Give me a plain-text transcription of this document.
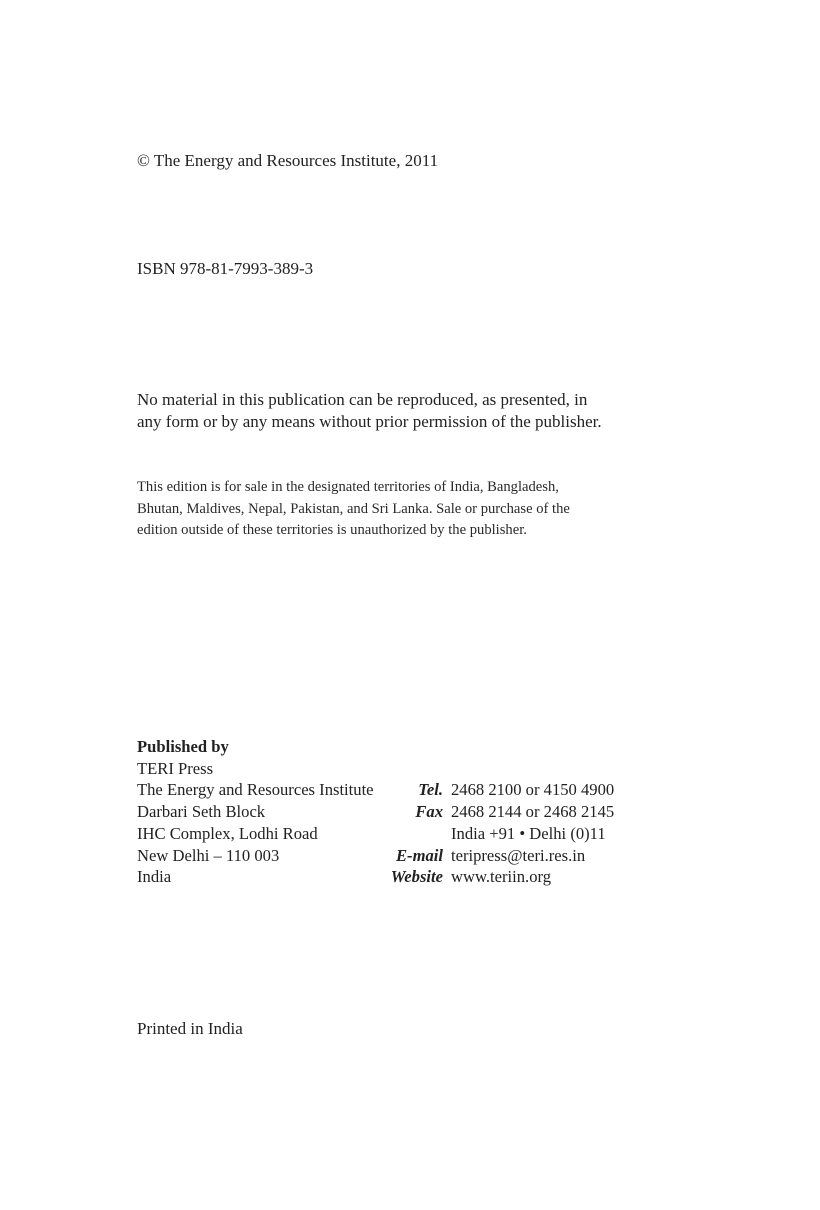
© The Energy and Resources Institute, 2011
ISBN 978-81-7993-389-3
No material in this publication can be reproduced, as presented, in
any form or by any means without prior permission of the publisher.
This edition is for sale in the designated territories of India, Bangladesh,
Bhutan, Maldives, Nepal, Pakistan, and Sri Lanka. Sale or purchase of the
edition outside of these territories is unauthorized by the publisher.
Published by
TERI Press
The Energy and Resources Institute	Tel. 2468 2100 or 4150 4900
Darbari Seth Block	Fax 2468 2144 or 2468 2145
IHC Complex, Lodhi Road	India +91 • Delhi (0)11
New Delhi – 110 003	E-mail teripress@teri.res.in
India	Website www.teriin.org
Printed in India
